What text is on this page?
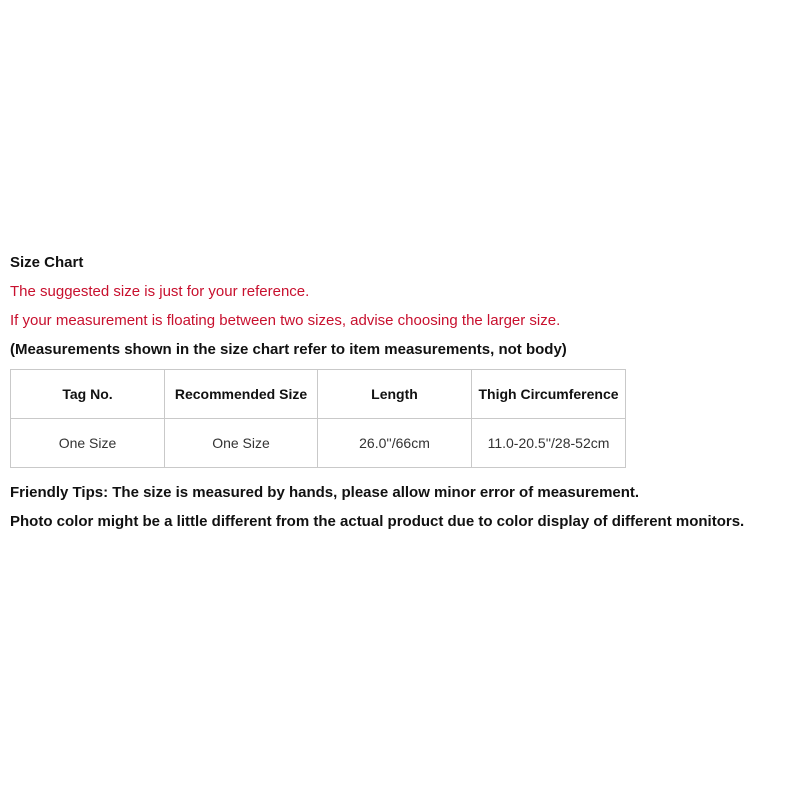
Size Chart
The suggested size is just for your reference.
If your measurement is floating between two sizes, advise choosing the larger size.
(Measurements shown in the size chart refer to item measurements, not body)
Tag No.	Recommended Size	Length	Thigh Circumference
One Size	One Size	26.0''/66cm	11.0-20.5''/28-52cm
Friendly Tips: The size is measured by hands, please allow minor error of measurement.
Photo color might be a little different from the actual product due to color display of different monitors.
